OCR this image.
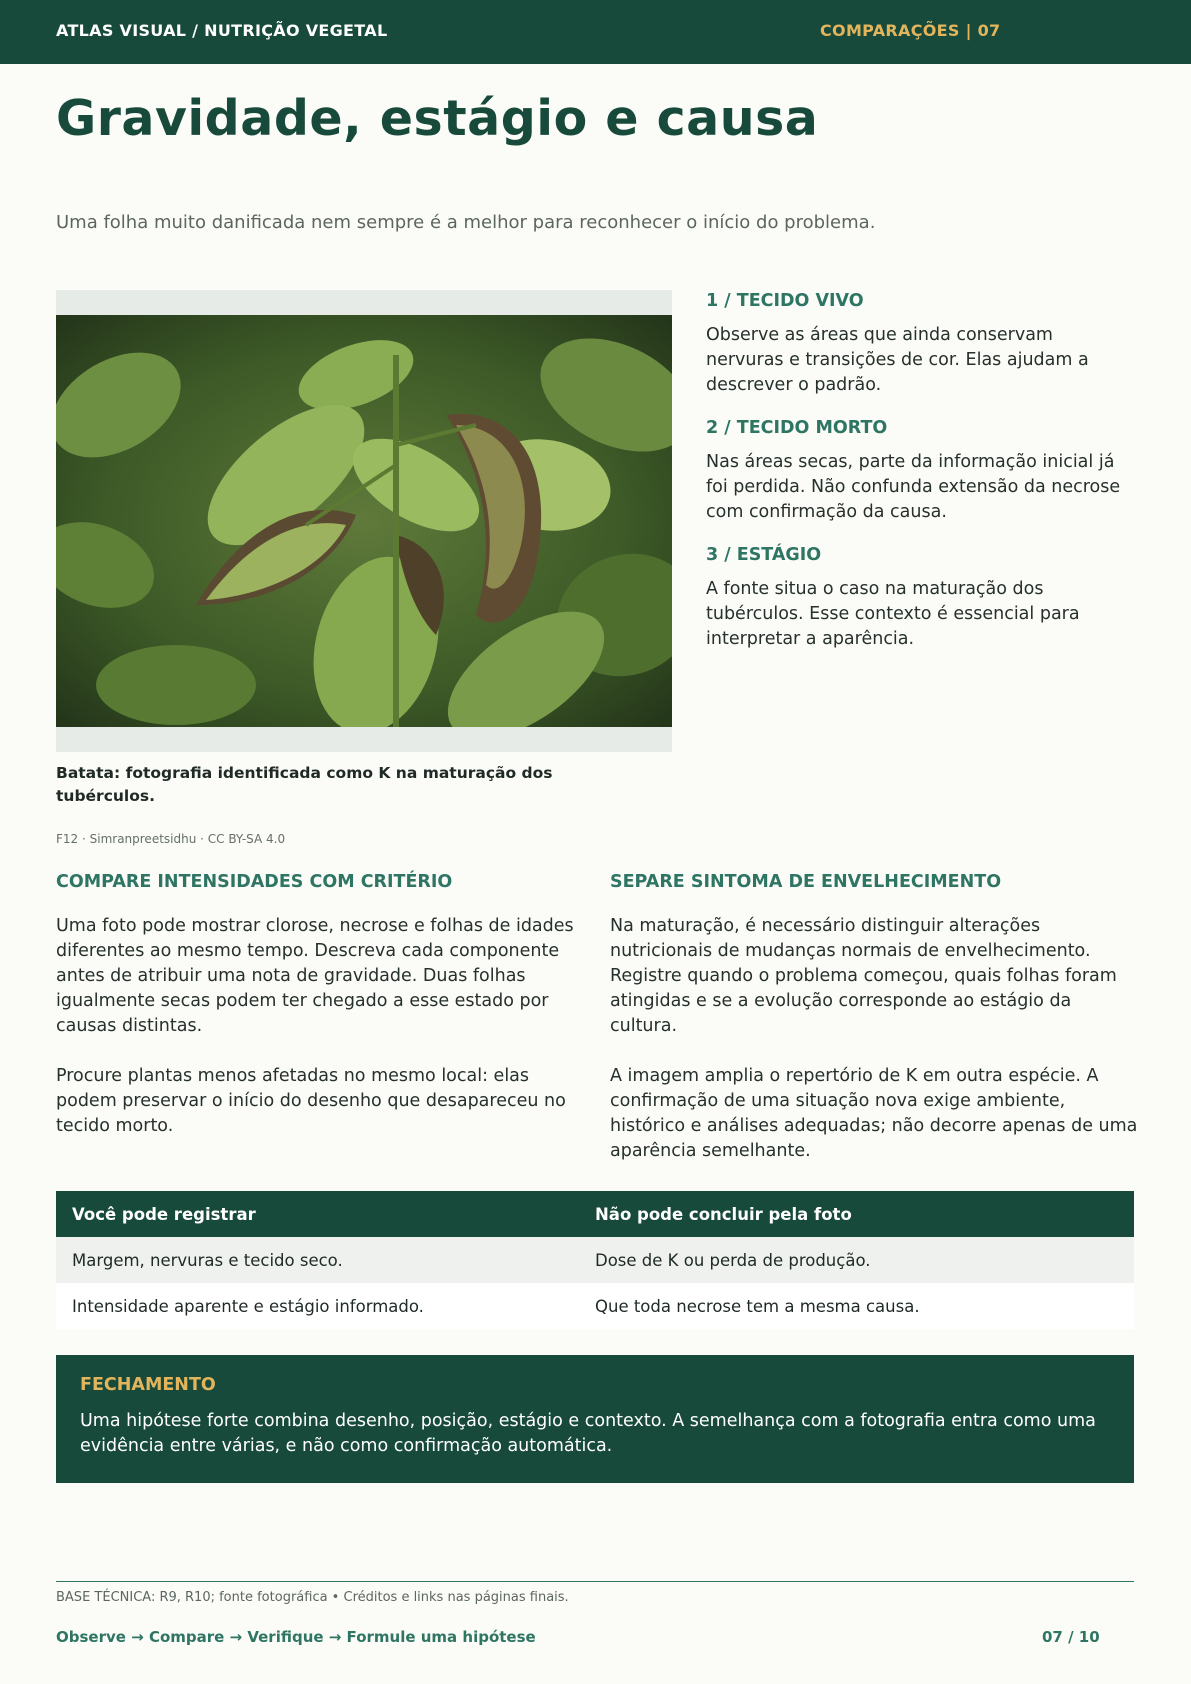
ATLAS VISUAL / NUTRIÇÃO VEGETAL	COMPARAÇÕES | 07
Gravidade, estágio e causa

Uma folha muito danificada nem sempre é a melhor para reconhecer o início do problema.

Batata: fotografia identificada como K na maturação dos tubérculos.
F12 · Simranpreetsidhu · CC BY-SA 4.0
1 / TECIDO VIVO
Observe as áreas que ainda conservam nervuras e transições de cor. Elas ajudam a descrever o padrão.
2 / TECIDO MORTO
Nas áreas secas, parte da informação inicial já foi perdida. Não confunda extensão da necrose com confirmação da causa.
3 / ESTÁGIO
A fonte situa o caso na maturação dos tubérculos. Esse contexto é essencial para interpretar a aparência.
COMPARE INTENSIDADES COM CRITÉRIO

Uma foto pode mostrar clorose, necrose e folhas de idades diferentes ao mesmo tempo. Descreva cada componente antes de atribuir uma nota de gravidade. Duas folhas igualmente secas podem ter chegado a esse estado por causas distintas.

Procure plantas menos afetadas no mesmo local: elas podem preservar o início do desenho que desapareceu no tecido morto.

SEPARE SINTOMA DE ENVELHECIMENTO

Na maturação, é necessário distinguir alterações nutricionais de mudanças normais de envelhecimento. Registre quando o problema começou, quais folhas foram atingidas e se a evolução corresponde ao estágio da cultura.

A imagem amplia o repertório de K em outra espécie. A confirmação de uma situação nova exige ambiente, histórico e análises adequadas; não decorre apenas de uma aparência semelhante.

Você pode registrar	Não pode concluir pela foto
Margem, nervuras e tecido seco.	Dose de K ou perda de produção.
Intensidade aparente e estágio informado.	Que toda necrose tem a mesma causa.
FECHAMENTO
Uma hipótese forte combina desenho, posição, estágio e contexto. A semelhança com a fotografia entra como uma evidência entre várias, e não como confirmação automática.
BASE TÉCNICA: R9, R10; fonte fotográfica • Créditos e links nas páginas finais.
Observe → Compare → Verifique → Formule uma hipótese	07 / 10
